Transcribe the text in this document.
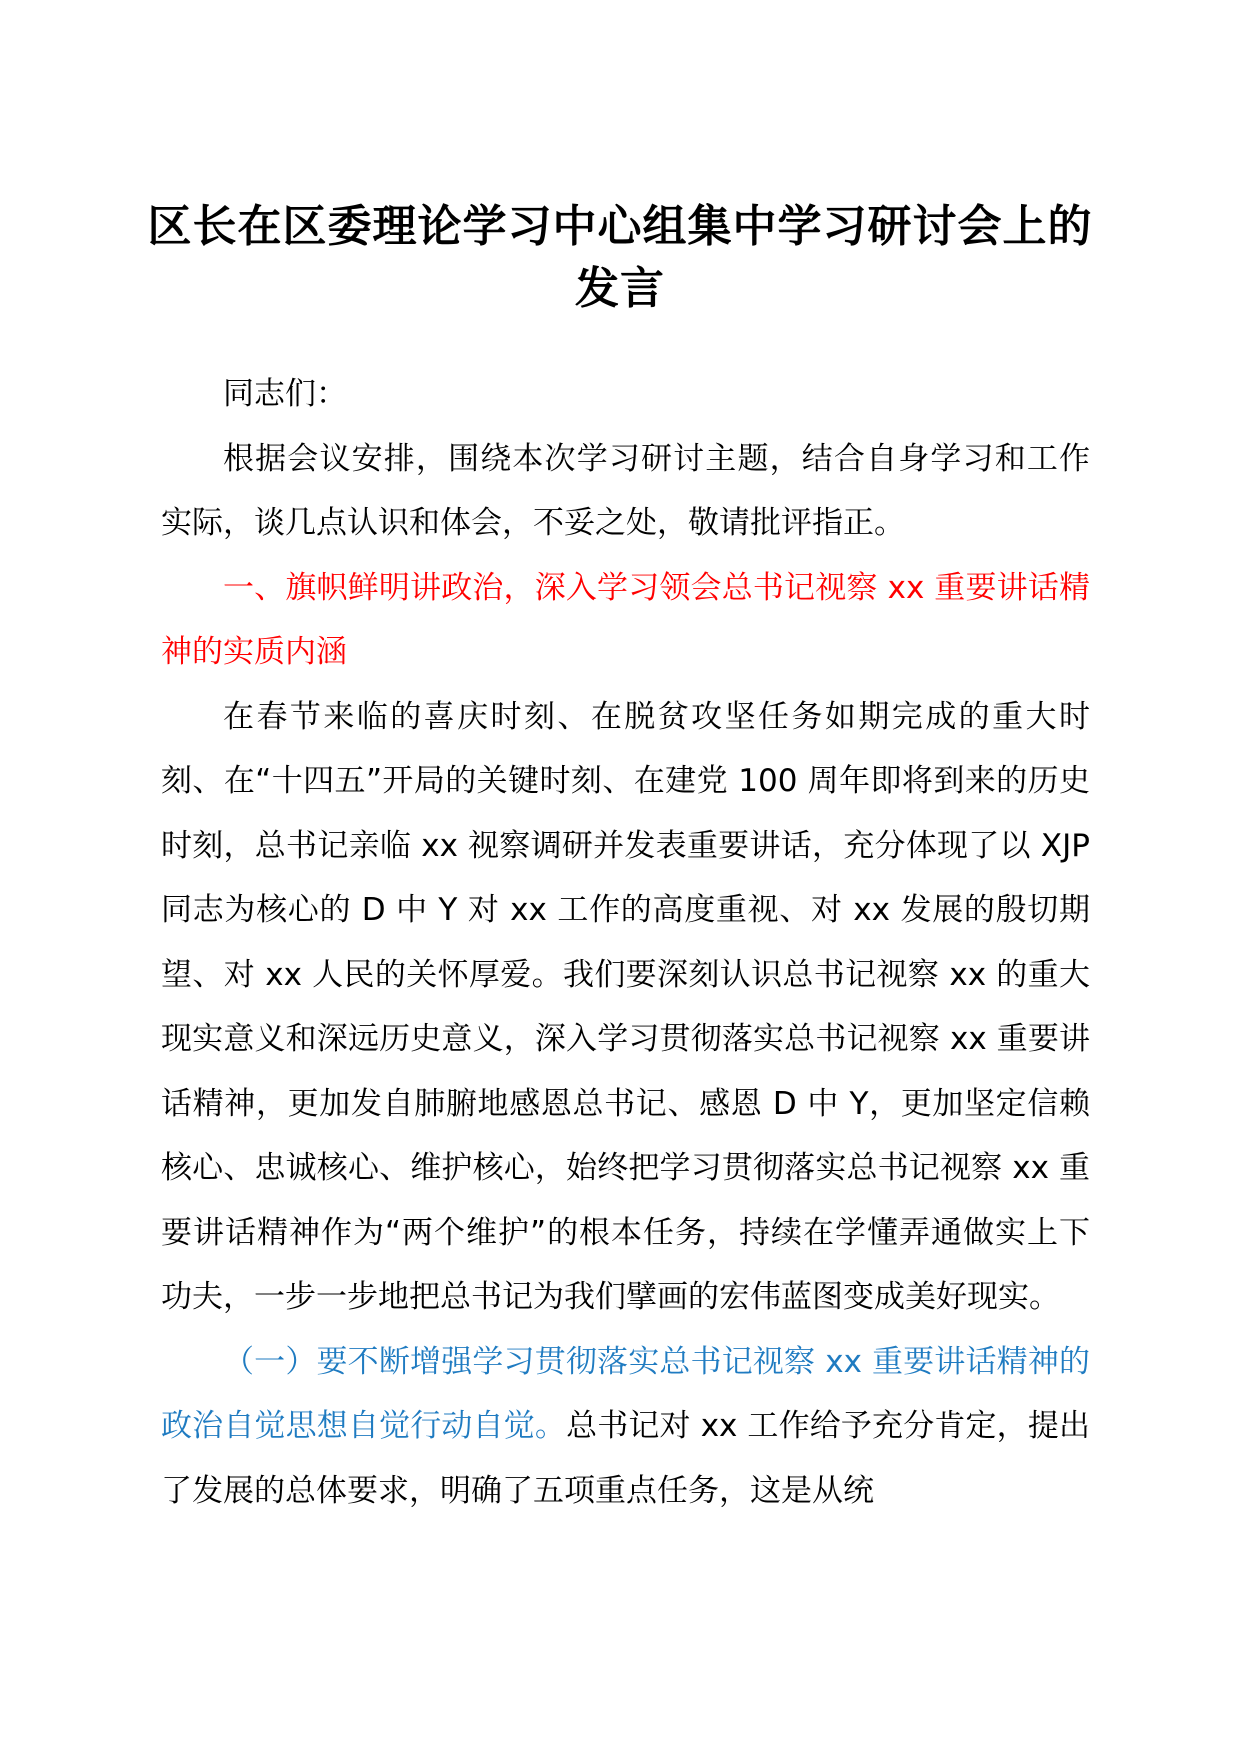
区长在区委理论学习中心组集中学习研讨会上的发言

同志们：

根据会议安排，围绕本次学习研讨主题，结合自身学习和工作实际，谈几点认识和体会，不妥之处，敬请批评指正。

一、旗帜鲜明讲政治，深入学习领会总书记视察 xx 重要讲话精神的实质内涵

在春节来临的喜庆时刻、在脱贫攻坚任务如期完成的重大时刻、在“十四五”开局的关键时刻、在建党 100 周年即将到来的历史时刻，总书记亲临 xx 视察调研并发表重要讲话，充分体现了以 XJP 同志为核心的 D 中 Y 对 xx 工作的高度重视、对 xx 发展的殷切期望、对 xx 人民的关怀厚爱。我们要深刻认识总书记视察 xx 的重大现实意义和深远历史意义，深入学习贯彻落实总书记视察 xx 重要讲话精神，更加发自肺腑地感恩总书记、感恩 D 中 Y，更加坚定信赖核心、忠诚核心、维护核心，始终把学习贯彻落实总书记视察 xx 重要讲话精神作为“两个维护”的根本任务，持续在学懂弄通做实上下功夫，一步一步地把总书记为我们擘画的宏伟蓝图变成美好现实。

（一）要不断增强学习贯彻落实总书记视察 xx 重要讲话精神的政治自觉思想自觉行动自觉。总书记对 xx 工作给予充分肯定，提出了发展的总体要求，明确了五项重点任务，这是从统
